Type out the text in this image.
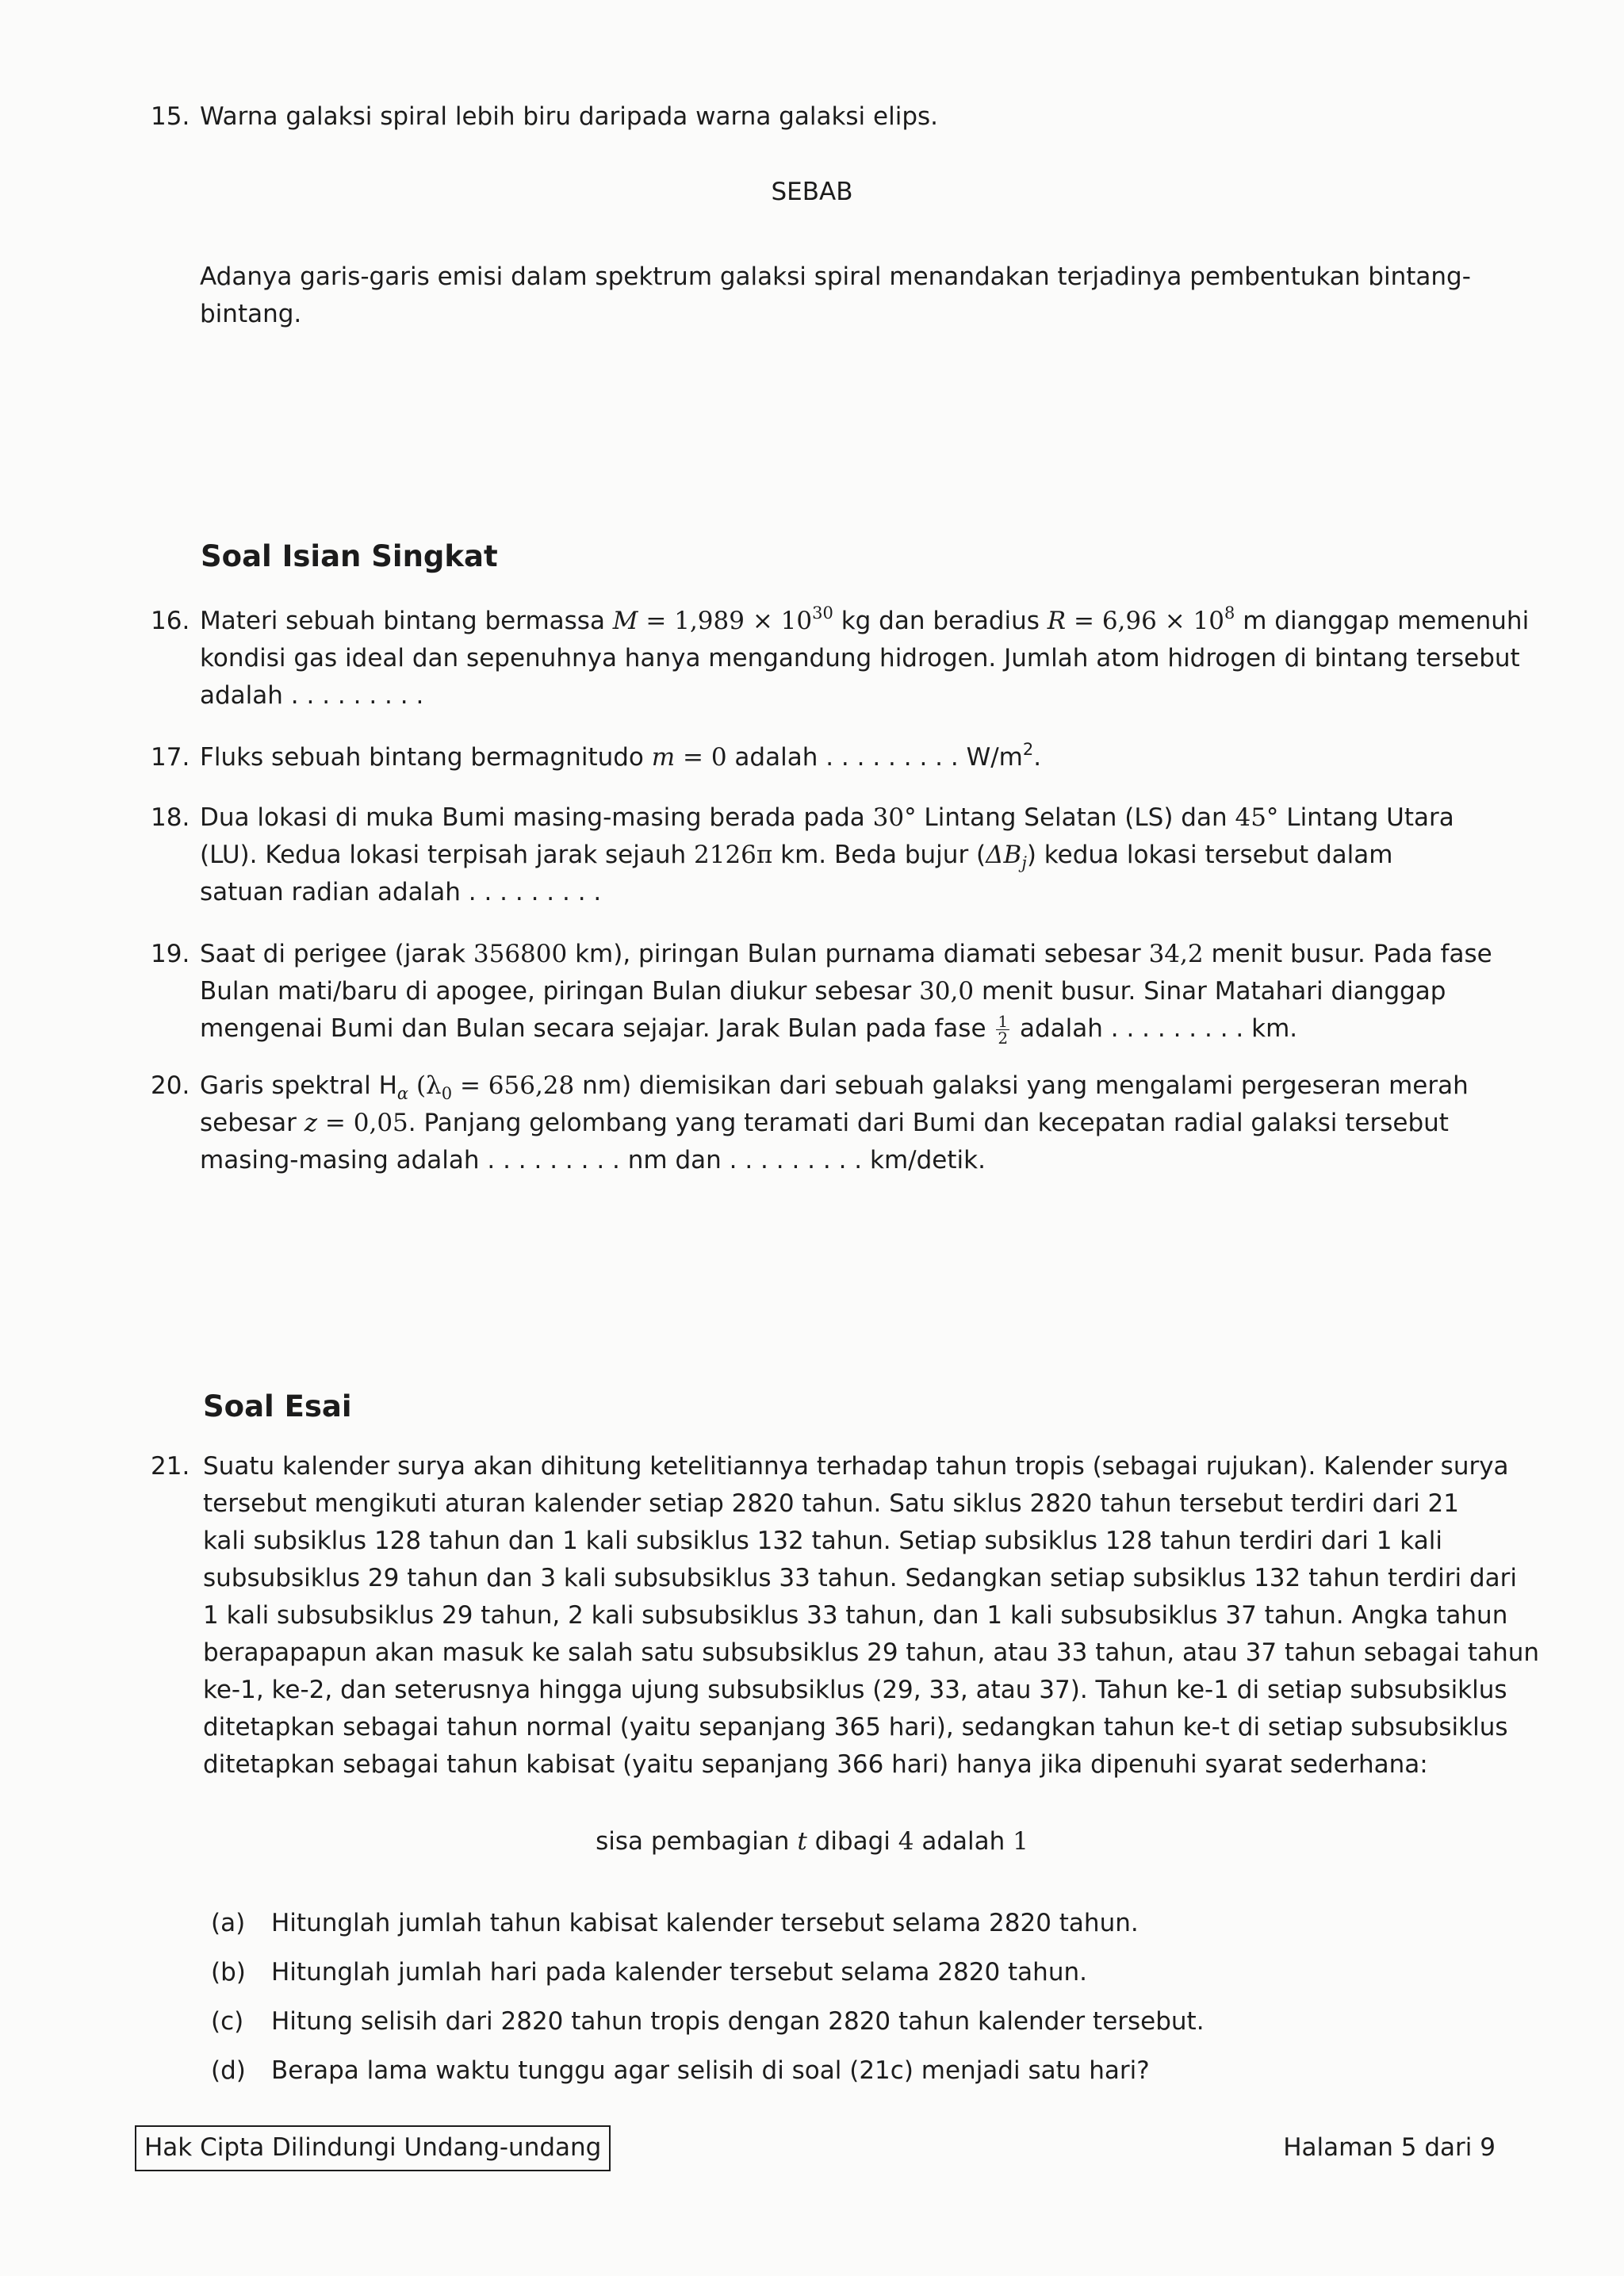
15. Warna galaksi spiral lebih biru daripada warna galaksi elips.
SEBAB
Adanya garis-garis emisi dalam spektrum galaksi spiral menandakan terjadinya pembentukan bintang-
bintang.
Soal Isian Singkat
16. Materi sebuah bintang bermassa $M = 1,989 \times 10^{30}$ kg dan beradius $R = 6,96 \times 10^8$ m dianggap memenuhi
kondisi gas ideal dan sepenuhnya hanya mengandung hidrogen. Jumlah atom hidrogen di bintang tersebut
adalah . . . . . . . . .
17. Fluks sebuah bintang bermagnitudo m = 0 adalah . . . . . . . . . $W/m^2$.
18. Dua lokasi di muka Bumi masing-masing berada pada 30° Lintang Selatan (LS) dan 45° Lintang Utara
(LU). Kedua lokasi terpisah jarak sejauh 2126π km. Beda bujur $(\Delta B_j)$ kedua lokasi tersebut dalam
satuan radian adalah . . . . . . . . .
19. Saat di perigee (jarak 356800 km), piringan Bulan purnama diamati sebesar 34,2 menit busur. Pada fase
Bulan mati/baru di apogee, piringan Bulan diukur sebesar 30,0 menit busur. Sinar Matahari dianggap
mengenai Bumi dan Bulan secara sejajar. Jarak Bulan pada fase $\frac{1}{2}$ adalah . . . . . . . . . km.
20. Garis spektral $H_\alpha$ ($\lambda_0 = 656,28$ nm) diemisikan dari sebuah galaksi yang mengalami pergeseran merah
sebesar z = 0,05. Panjang gelombang yang teramati dari Bumi dan kecepatan radial galaksi tersebut
masing-masing adalah . . . . . . . . . nm dan . . . . . . . . . km/detik.
Soal Esai
21. Suatu kalender surya akan dihitung ketelitiannya terhadap tahun tropis (sebagai rujukan). Kalender surya
tersebut mengikuti aturan kalender setiap 2820 tahun. Satu siklus 2820 tahun tersebut terdiri dari 21
kali subsiklus 128 tahun dan 1 kali subsiklus 132 tahun. Setiap subsiklus 128 tahun terdiri dari 1 kali
subsubsiklus 29 tahun dan 3 kali subsubsiklus 33 tahun. Sedangkan setiap subsiklus 132 tahun terdiri dari
1 kali subsubsiklus 29 tahun, 2 kali subsubsiklus 33 tahun, dan 1 kali subsubsiklus 37 tahun. Angka tahun
berapapapun akan masuk ke salah satu subsubsiklus 29 tahun, atau 33 tahun, atau 37 tahun sebagai tahun
ke-1, ke-2, dan seterusnya hingga ujung subsubsiklus (29, 33, atau 37). Tahun ke-1 di setiap subsubsiklus
ditetapkan sebagai tahun normal (yaitu sepanjang 365 hari), sedangkan tahun ke-t di setiap subsubsiklus
ditetapkan sebagai tahun kabisat (yaitu sepanjang 366 hari) hanya jika dipenuhi syarat sederhana:
sisa pembagian t dibagi 4 adalah 1
(a) Hitunglah jumlah tahun kabisat kalender tersebut selama 2820 tahun.
(b) Hitunglah jumlah hari pada kalender tersebut selama 2820 tahun.
(c) Hitung selisih dari 2820 tahun tropis dengan 2820 tahun kalender tersebut.
(d) Berapa lama waktu tunggu agar selisih di soal (21c) menjadi satu hari?
Hak Cipta Dilindungi Undang-undang	Halaman 5 dari 9
